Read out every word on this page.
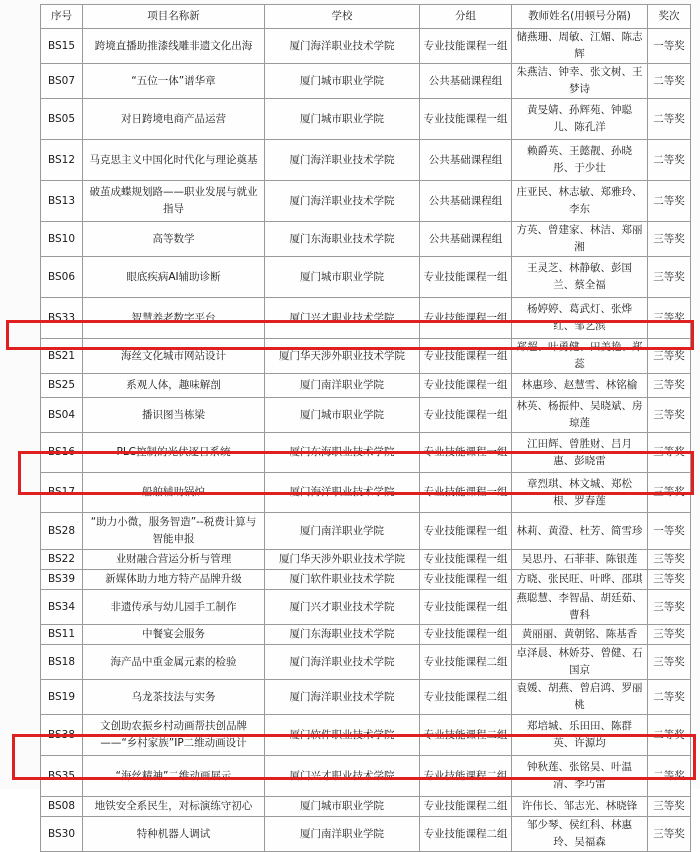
序号	项目名称新	学校	分组	教师姓名(用顿号分隔)	奖次
BS15	跨境直播助推漆线雕非遗文化出海	厦门海洋职业技术学院	专业技能课程一组	储燕珊、周敏、江媚、陈志辉	一等奖
BS07	“五位一体”谱华章	厦门城市职业学院	公共基础课程组	朱燕洁、钟幸、张文树、王梦诗	二等奖
BS05	对日跨境电商产品运营	厦门城市职业学院	专业技能课程一组	黄旻婧、孙辉苑、钟聪儿、陈孔洋	二等奖
BS12	马克思主义中国化时代化与理论奠基	厦门海洋职业技术学院	公共基础课程组	赖爵英、王懿靓、孙晓彤、于少壮	二等奖
BS13	破茧成蝶规划路——职业发展与就业指导	厦门海洋职业技术学院	公共基础课程组	庄亚民、林志敏、郑雅玲、李东	二等奖
BS10	高等数学	厦门东海职业技术学院	公共基础课程组	方英、曾建家、林洁、郑丽湘	三等奖
BS06	眼底疾病AI辅助诊断	厦门城市职业学院	专业技能课程一组	王灵芝、林静敏、彭国兰、蔡全福	三等奖
BS33	智慧养老数字平台	厦门兴才职业技术学院	专业技能课程一组	杨婷婷、葛武灯、张烨红、邹艺滨	三等奖
BS21	海丝文化城市网站设计	厦门华天涉外职业技术学院	专业技能课程一组	郑超、叶勇健、田美艳、郑蕊	三等奖
BS25	系观人体，趣味解剖	厦门南洋职业学院	专业技能课程一组	林惠珍、赵慧雪、林铭榆	三等奖
BS04	播识图当栋梁	厦门城市职业学院	专业技能课程一组	林英、杨振仲、吴晓斌、房琼莲	三等奖
BS16	PLC控制的光伏逐日系统	厦门东海职业技术学院	专业技能课程一组	江田辉、曾胜财、吕月惠、彭晓雷	三等奖
BS17	船舶辅助锅炉	厦门海洋职业技术学院	专业技能课程一组	章烈琪、林文城、郑松根、罗春莲	三等奖
BS28	“助力小微，服务智造”--税费计算与智能申报	厦门南洋职业学院	专业技能课程一组	林莉、黄澄、杜芳、简雪珍	一等奖
BS22	业财融合营运分析与管理	厦门华天涉外职业技术学院	专业技能课程一组	吴思丹、石菲菲、陈银莲	三等奖
BS39	新媒体助力地方特产品牌升级	厦门软件职业技术学院	专业技能课程一组	方晓、张民旺、叶晔、邵琪	三等奖
BS34	非遗传承与幼儿园手工制作	厦门兴才职业技术学院	专业技能课程一组	燕聪慧、李智晶、胡廷茹、曹科	三等奖
BS11	中餐宴会服务	厦门东海职业技术学院	专业技能课程一组	黄丽丽、黄朝铭、陈基香	三等奖
BS18	海产品中重金属元素的检验	厦门海洋职业技术学院	专业技能课程二组	卓泽晨、林娇芬、曾健、石国京	三等奖
BS19	乌龙茶技法与实务	厦门海洋职业技术学院	专业技能课程二组	袁媛、胡燕、曾启鸿、罗丽桃	二等奖
BS38	文创助农振乡村动画帮扶创品牌——“乡村家族”IP二维动画设计	厦门软件职业技术学院	专业技能课程二组	郑培城、乐田田、陈群英、许源均	二等奖
BS35	“海丝精神”二维动画展示	厦门兴才职业技术学院	专业技能课程二组	钟秋莲、张铭昊、叶温清、李巧雷	二等奖
BS08	地铁安全系民生，对标演练守初心	厦门城市职业学院	专业技能课程二组	许伟长、邹志光、林晓锋	三等奖
BS30	特种机器人调试	厦门南洋职业学院	专业技能课程二组	邹少琴、侯红科、林惠玲、吴福森	三等奖
